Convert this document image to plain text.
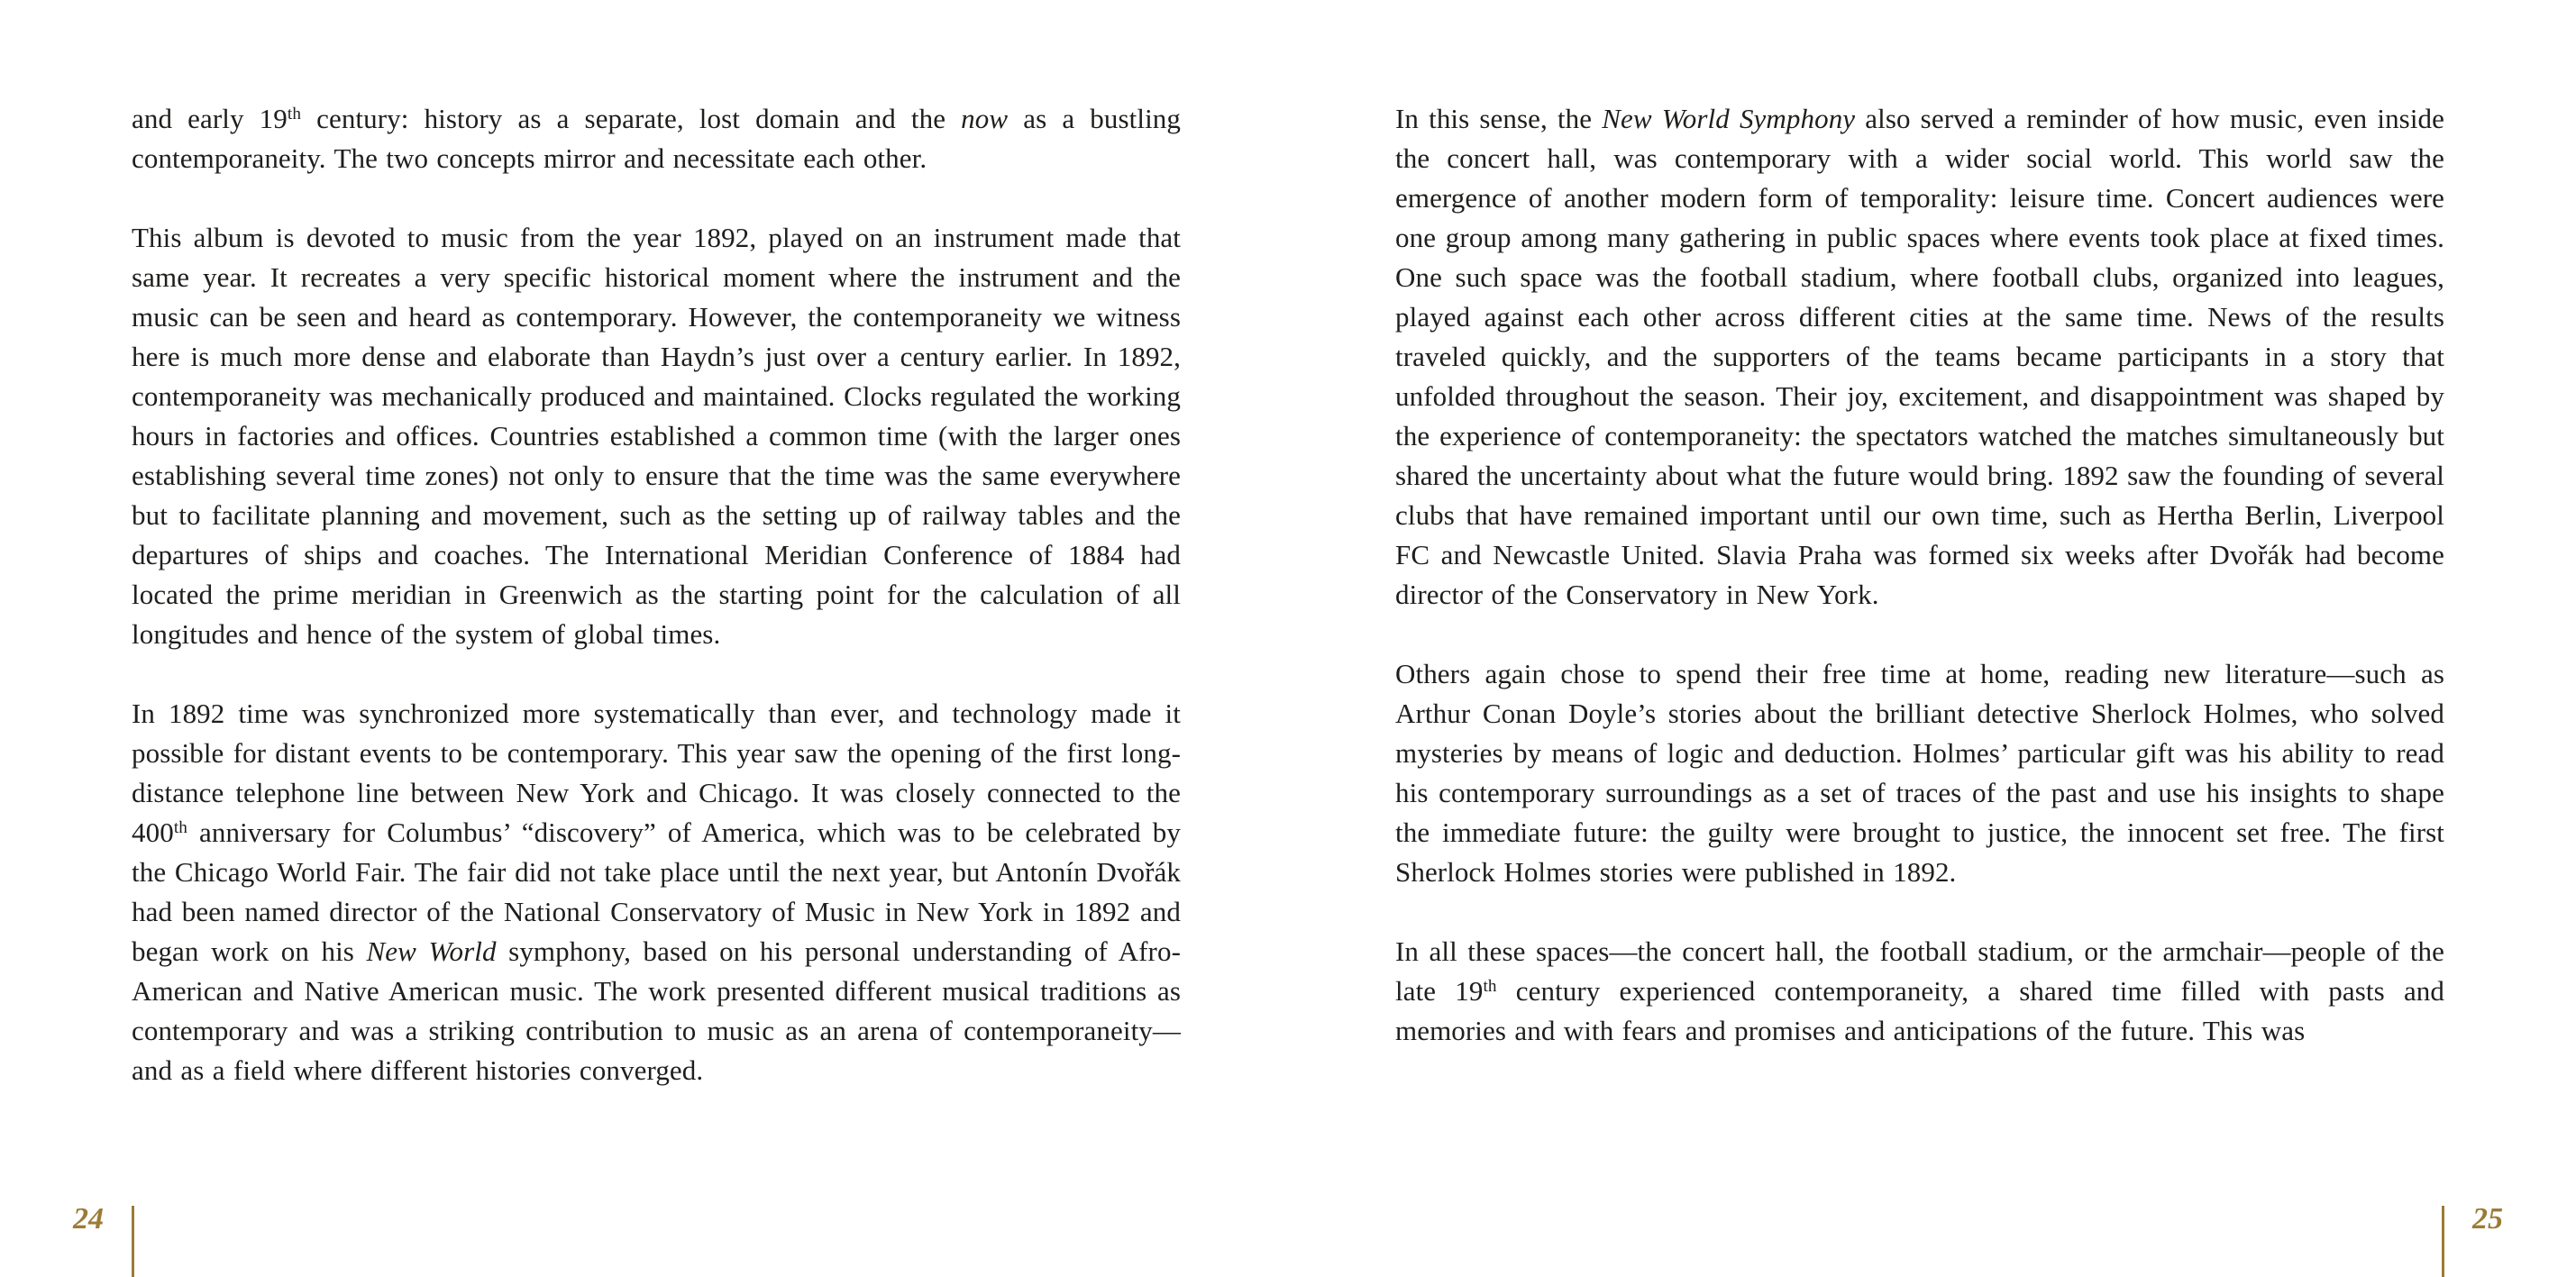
and early 19th century: history as a separate, lost domain and the now as a bustling contemporaneity. The two concepts mirror and necessitate each other.

This album is devoted to music from the year 1892, played on an instrument made that same year. It recreates a very specific historical moment where the instrument and the music can be seen and heard as contemporary. However, the contemporaneity we witness here is much more dense and elaborate than Haydn’s just over a century earlier. In 1892, contemporaneity was mechanically produced and maintained. Clocks regulated the working hours in factories and offices. Countries established a common time (with the larger ones establishing several time zones) not only to ensure that the time was the same everywhere but to facilitate planning and movement, such as the setting up of railway tables and the departures of ships and coaches. The International Meridian Conference of 1884 had located the prime meridian in Greenwich as the starting point for the calculation of all longitudes and hence of the system of global times.

In 1892 time was synchronized more systematically than ever, and technology made it possible for distant events to be contemporary. This year saw the opening of the first long-distance telephone line between New York and Chicago. It was closely connected to the 400th anniversary for Columbus’ “discovery” of America, which was to be celebrated by the Chicago World Fair. The fair did not take place until the next year, but Antonín Dvořák had been named director of the National Conservatory of Music in New York in 1892 and began work on his New World symphony, based on his personal understanding of Afro-American and Native American music. The work presented different musical traditions as contemporary and was a striking contribution to music as an arena of contemporaneity—and as a field where different histories converged.

24

In this sense, the New World Symphony also served a reminder of how music, even inside the concert hall, was contemporary with a wider social world. This world saw the emergence of another modern form of temporality: leisure time. Concert audiences were one group among many gathering in public spaces where events took place at fixed times. One such space was the football stadium, where football clubs, organized into leagues, played against each other across different cities at the same time. News of the results traveled quickly, and the supporters of the teams became participants in a story that unfolded throughout the season. Their joy, excitement, and disappointment was shaped by the experience of contemporaneity: the spectators watched the matches simultaneously but shared the uncertainty about what the future would bring. 1892 saw the founding of several clubs that have remained important until our own time, such as Hertha Berlin, Liverpool FC and Newcastle United. Slavia Praha was formed six weeks after Dvořák had become director of the Conservatory in New York.

Others again chose to spend their free time at home, reading new literature—such as Arthur Conan Doyle’s stories about the brilliant detective Sherlock Holmes, who solved mysteries by means of logic and deduction. Holmes’ particular gift was his ability to read his contemporary surroundings as a set of traces of the past and use his insights to shape the immediate future: the guilty were brought to justice, the innocent set free. The first Sherlock Holmes stories were published in 1892.

In all these spaces—the concert hall, the football stadium, or the armchair—people of the late 19th century experienced contemporaneity, a shared time filled with pasts and memories and with fears and promises and anticipations of the future. This was

25
